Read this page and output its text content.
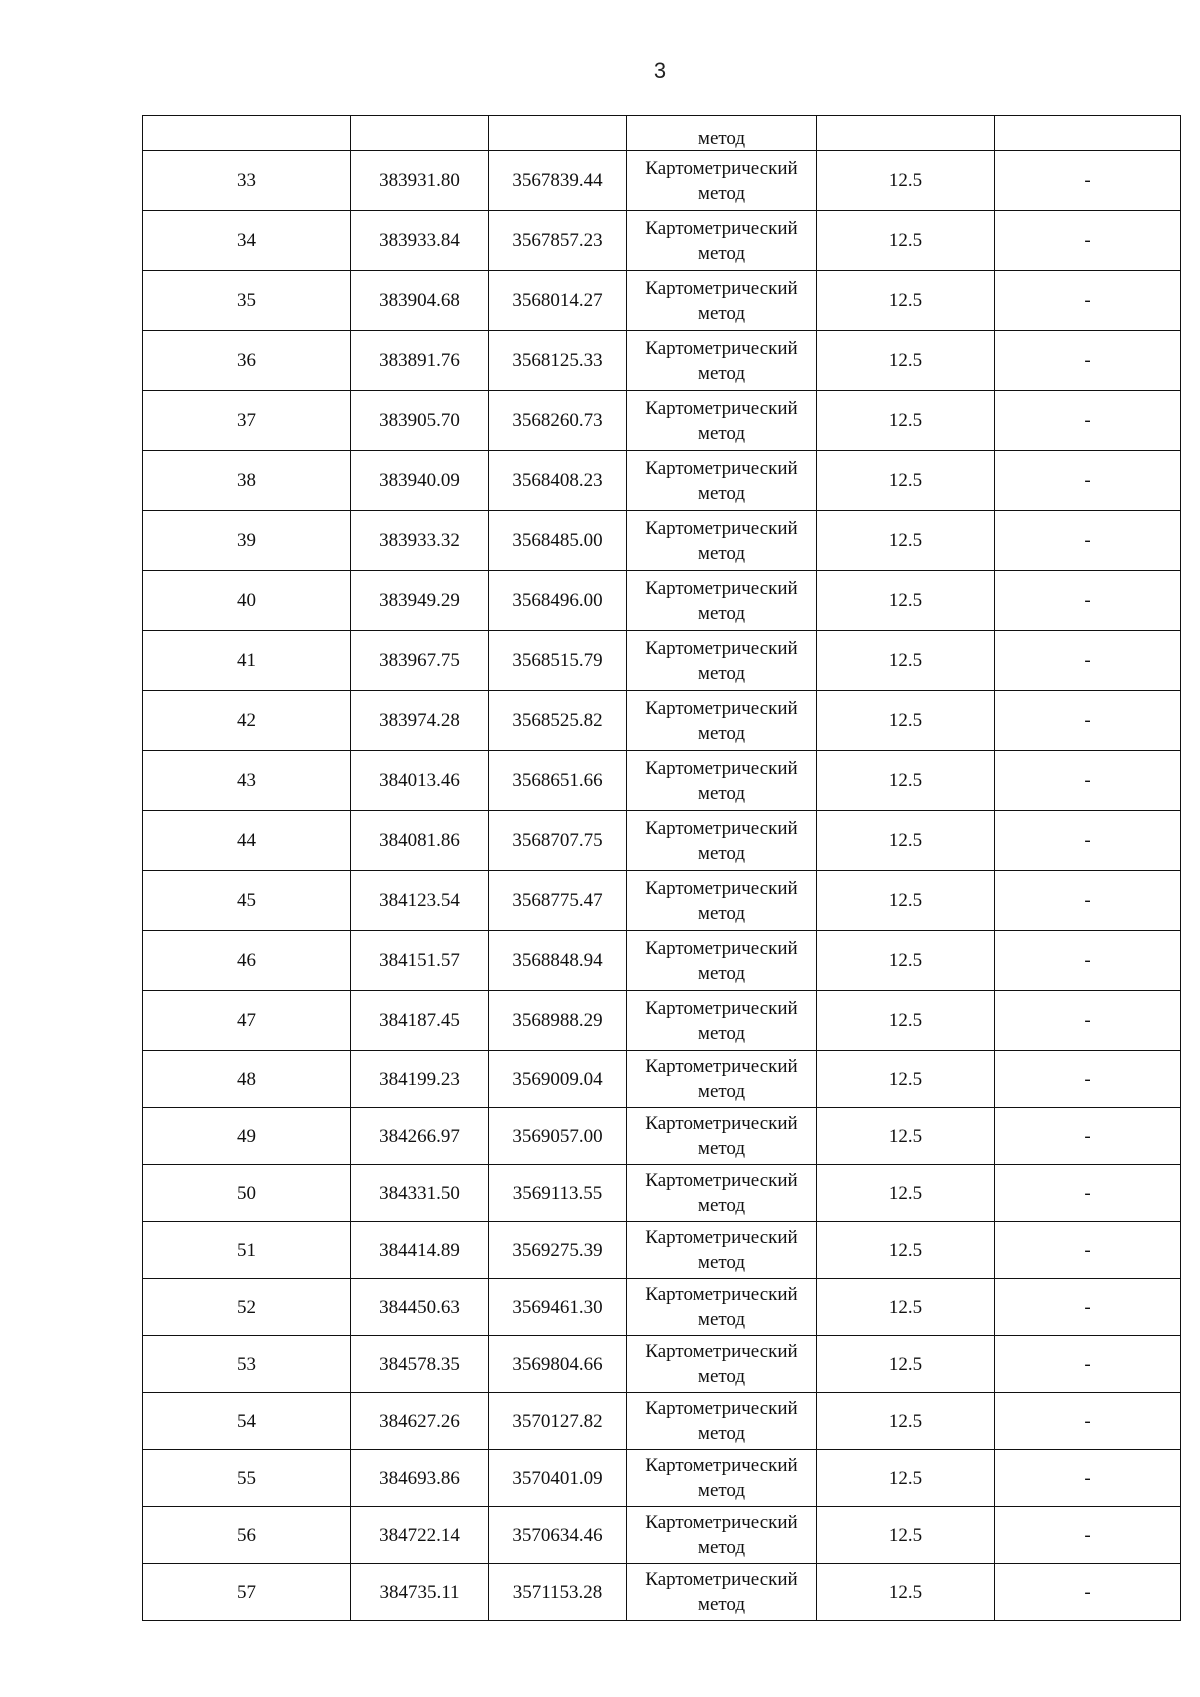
3
			метод		
33	383931.80	3567839.44	Картометрический метод	12.5	-
34	383933.84	3567857.23	Картометрический метод	12.5	-
35	383904.68	3568014.27	Картометрический метод	12.5	-
36	383891.76	3568125.33	Картометрический метод	12.5	-
37	383905.70	3568260.73	Картометрический метод	12.5	-
38	383940.09	3568408.23	Картометрический метод	12.5	-
39	383933.32	3568485.00	Картометрический метод	12.5	-
40	383949.29	3568496.00	Картометрический метод	12.5	-
41	383967.75	3568515.79	Картометрический метод	12.5	-
42	383974.28	3568525.82	Картометрический метод	12.5	-
43	384013.46	3568651.66	Картометрический метод	12.5	-
44	384081.86	3568707.75	Картометрический метод	12.5	-
45	384123.54	3568775.47	Картометрический метод	12.5	-
46	384151.57	3568848.94	Картометрический метод	12.5	-
47	384187.45	3568988.29	Картометрический метод	12.5	-
48	384199.23	3569009.04	Картометрический метод	12.5	-
49	384266.97	3569057.00	Картометрический метод	12.5	-
50	384331.50	3569113.55	Картометрический метод	12.5	-
51	384414.89	3569275.39	Картометрический метод	12.5	-
52	384450.63	3569461.30	Картометрический метод	12.5	-
53	384578.35	3569804.66	Картометрический метод	12.5	-
54	384627.26	3570127.82	Картометрический метод	12.5	-
55	384693.86	3570401.09	Картометрический метод	12.5	-
56	384722.14	3570634.46	Картометрический метод	12.5	-
57	384735.11	3571153.28	Картометрический метод	12.5	-
